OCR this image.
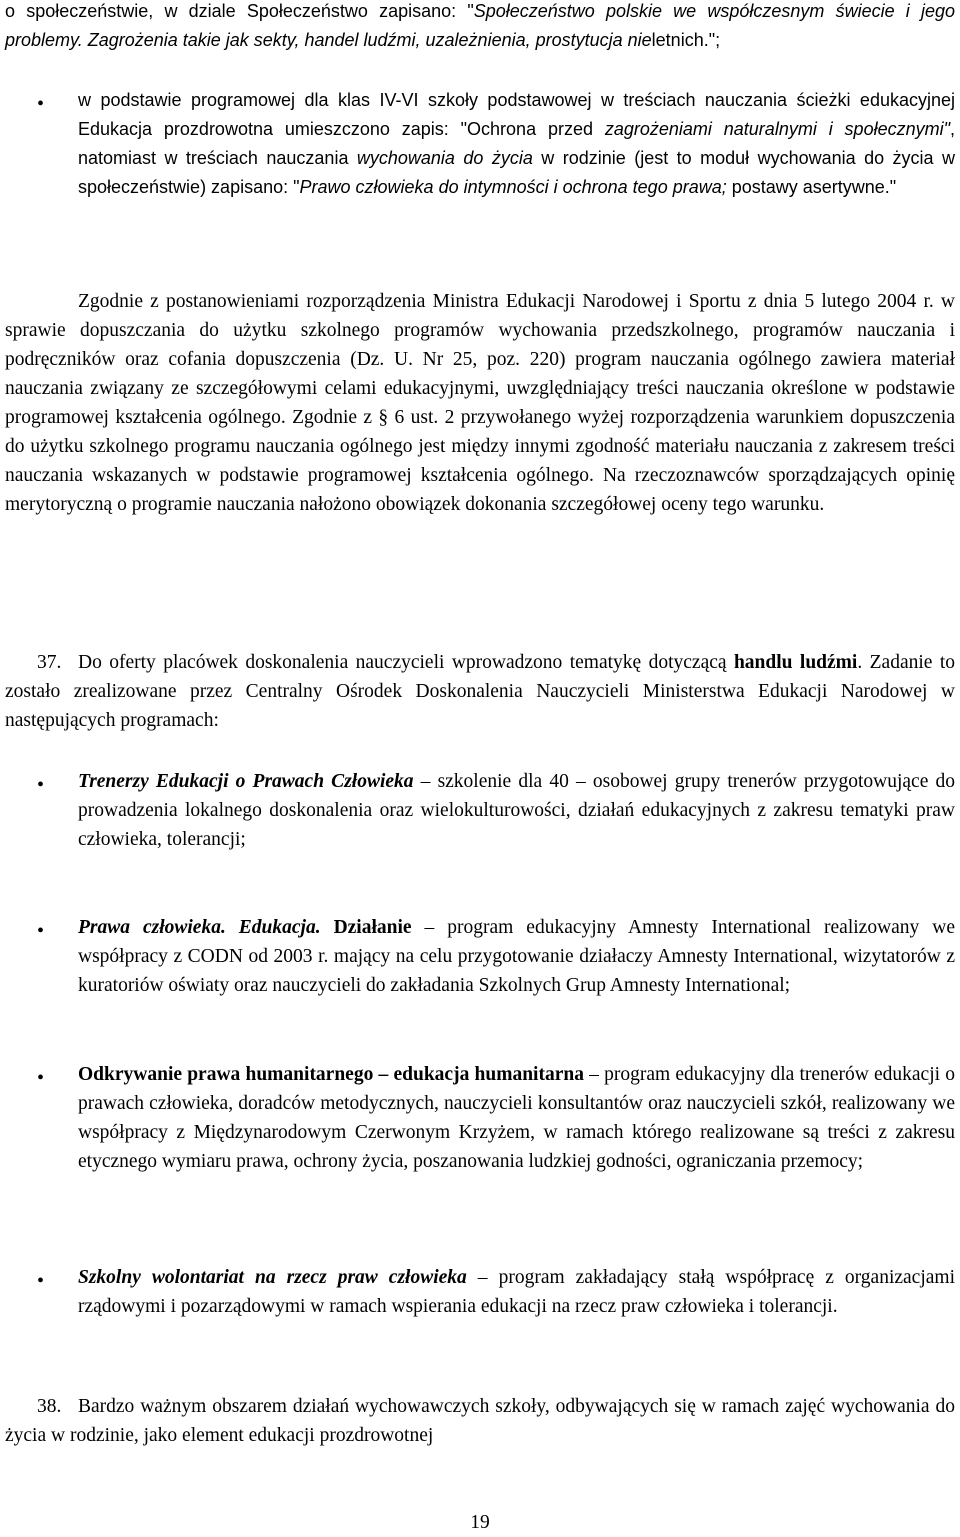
o społeczeństwie, w dziale Społeczeństwo zapisano: "Społeczeństwo polskie we współczesnym świecie i jego problemy. Zagrożenia takie jak sekty, handel ludźmi, uzależnienia, prostytucja nieletnich.";

•

w podstawie programowej dla klas IV-VI szkoły podstawowej w treściach nauczania ścieżki edukacyjnej Edukacja prozdrowotna umieszczono zapis: "Ochrona przed zagrożeniami naturalnymi i społecznymi", natomiast w treściach nauczania wychowania do życia w rodzinie (jest to moduł wychowania do życia w społeczeństwie) zapisano: "Prawo człowieka do intymności i ochrona tego prawa; postawy asertywne."

Zgodnie z postanowieniami rozporządzenia Ministra Edukacji Narodowej i Sportu z dnia 5 lutego 2004 r. w sprawie dopuszczania do użytku szkolnego programów wychowania przedszkolnego, programów nauczania i podręczników oraz cofania dopuszczenia (Dz. U. Nr 25, poz. 220) program nauczania ogólnego zawiera materiał nauczania związany ze szczegółowymi celami edukacyjnymi, uwzględniający treści nauczania określone w podstawie programowej kształcenia ogólnego. Zgodnie z § 6 ust. 2 przywołanego wyżej rozporządzenia warunkiem dopuszczenia do użytku szkolnego programu nauczania ogólnego jest między innymi zgodność materiału nauczania z zakresem treści nauczania wskazanych w podstawie programowej kształcenia ogólnego. Na rzeczoznawców sporządzających opinię merytoryczną o programie nauczania nałożono obowiązek dokonania szczegółowej oceny tego warunku.

37. Do oferty placówek doskonalenia nauczycieli wprowadzono tematykę dotyczącą handlu ludźmi. Zadanie to zostało zrealizowane przez Centralny Ośrodek Doskonalenia Nauczycieli Ministerstwa Edukacji Narodowej w następujących programach:

•

Trenerzy Edukacji o Prawach Człowieka – szkolenie dla 40 – osobowej grupy trenerów przygotowujące do prowadzenia lokalnego doskonalenia oraz wielokulturowości, działań edukacyjnych z zakresu tematyki praw człowieka, tolerancji;

•

Prawa człowieka. Edukacja. Działanie – program edukacyjny Amnesty International realizowany we współpracy z CODN od 2003 r. mający na celu przygotowanie działaczy Amnesty International, wizytatorów z kuratoriów oświaty oraz nauczycieli do zakładania Szkolnych Grup Amnesty International;

•

Odkrywanie prawa humanitarnego – edukacja humanitarna – program edukacyjny dla trenerów edukacji o prawach człowieka, doradców metodycznych, nauczycieli konsultantów oraz nauczycieli szkół, realizowany we współpracy z Międzynarodowym Czerwonym Krzyżem, w ramach którego realizowane są treści z zakresu etycznego wymiaru prawa, ochrony życia, poszanowania ludzkiej godności, ograniczania przemocy;

•

Szkolny wolontariat na rzecz praw człowieka – program zakładający stałą współpracę z organizacjami rządowymi i pozarządowymi w ramach wspierania edukacji na rzecz praw człowieka i tolerancji.

38. Bardzo ważnym obszarem działań wychowawczych szkoły, odbywających się w ramach zajęć wychowania do życia w rodzinie, jako element edukacji prozdrowotnej

19
